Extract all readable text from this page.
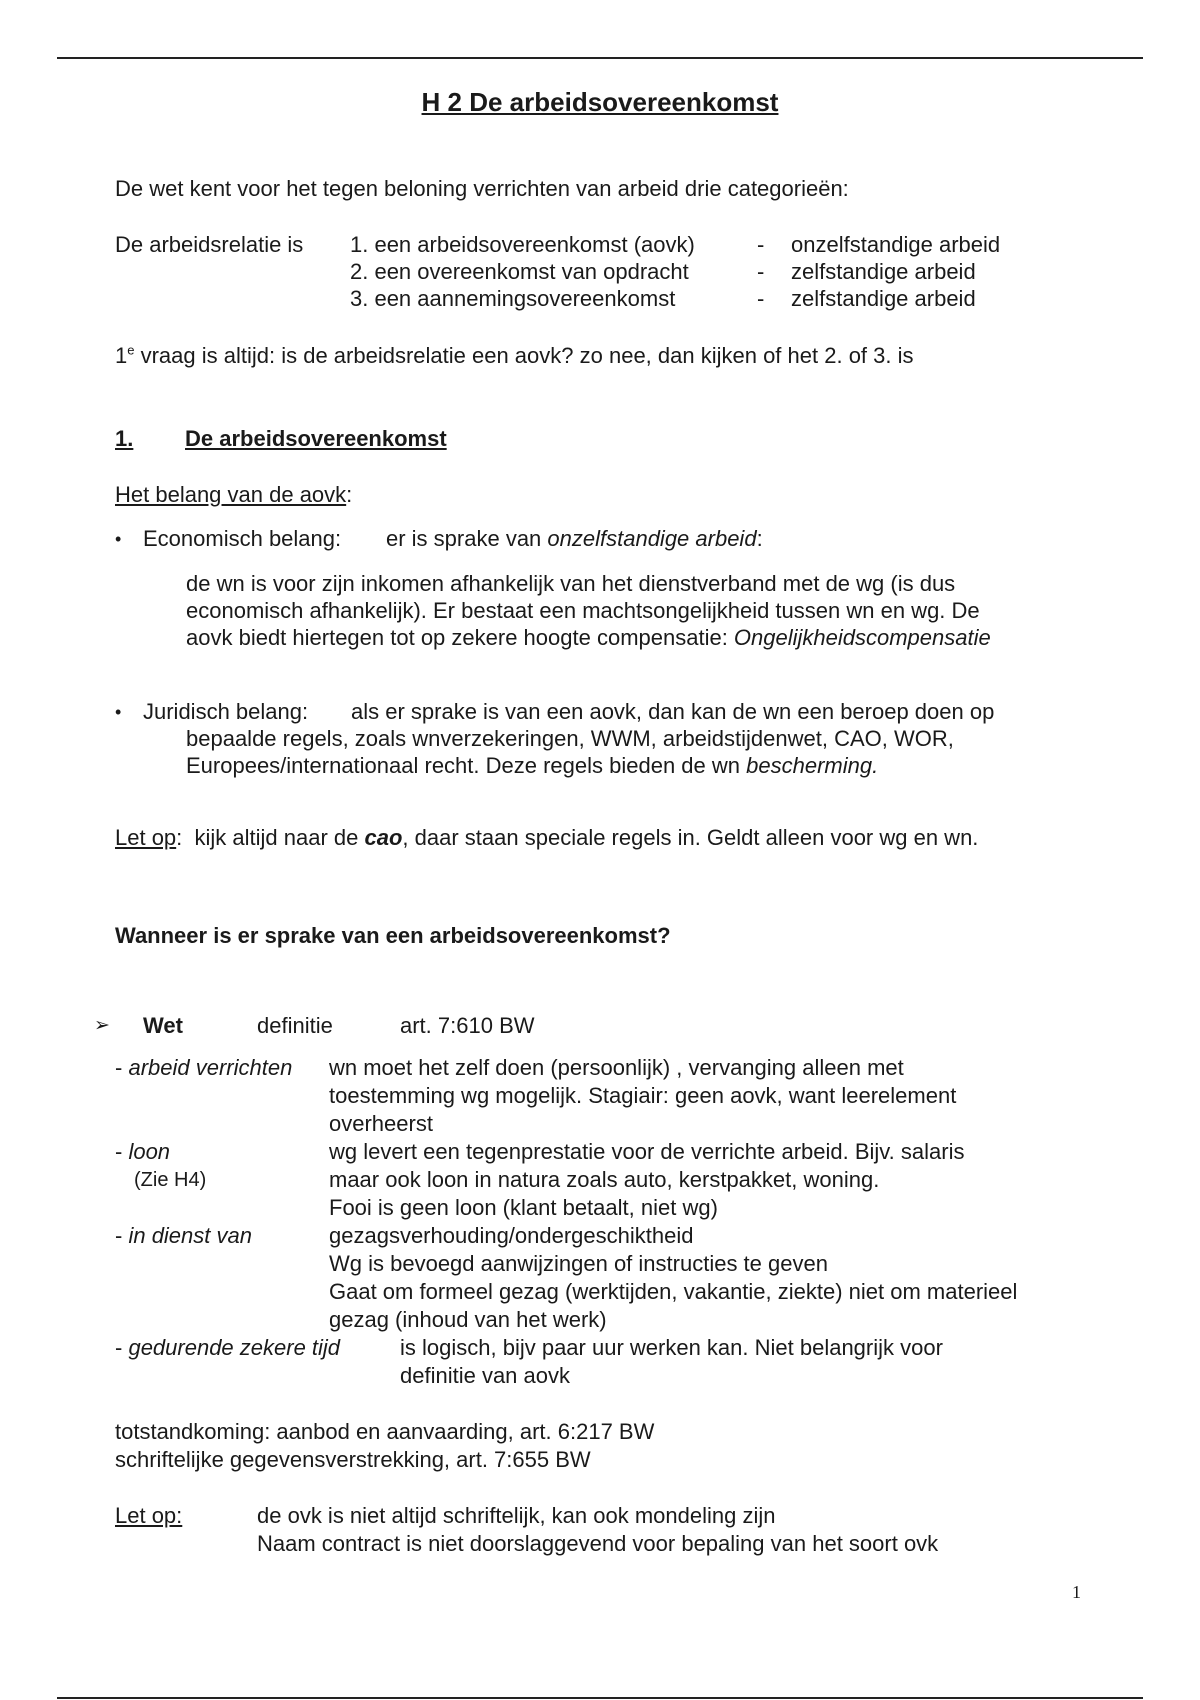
H 2 De arbeidsovereenkomst
De wet kent voor het tegen beloning verrichten van arbeid drie categorieën:
De arbeidsrelatie is 1. een arbeidsovereenkomst (aovk)	- onzelfstandige arbeid
2. een overeenkomst van opdracht	- zelfstandige arbeid
3. een aannemingsovereenkomst	- zelfstandige arbeid
1e vraag is altijd: is de arbeidsrelatie een aovk? zo nee, dan kijken of het 2. of 3. is
1. De arbeidsovereenkomst
Het belang van de aovk:
• Economisch belang: er is sprake van onzelfstandige arbeid:
de wn is voor zijn inkomen afhankelijk van het dienstverband met de wg (is dus
economisch afhankelijk). Er bestaat een machtsongelijkheid tussen wn en wg. De
aovk biedt hiertegen tot op zekere hoogte compensatie: Ongelijkheidscompensatie
• Juridisch belang: als er sprake is van een aovk, dan kan de wn een beroep doen op
bepaalde regels, zoals wnverzekeringen, WWM, arbeidstijdenwet, CAO, WOR,
Europees/internationaal recht. Deze regels bieden de wn bescherming.
Let op:  kijk altijd naar de cao, daar staan speciale regels in. Geldt alleen voor wg en wn.
Wanneer is er sprake van een arbeidsovereenkomst?
➢ Wet	definitie	art. 7:610 BW
- arbeid verrichten wn moet het zelf doen (persoonlijk) , vervanging alleen met
toestemming wg mogelijk. Stagiair: geen aovk, want leerelement
overheerst
- loon
(Zie H4)
wg levert een tegenprestatie voor de verrichte arbeid. Bijv. salaris
maar ook loon in natura zoals auto, kerstpakket, woning.
Fooi is geen loon (klant betaalt, niet wg)
- in dienst van	gezagsverhouding/ondergeschiktheid
Wg is bevoegd aanwijzingen of instructies te geven
Gaat om formeel gezag (werktijden, vakantie, ziekte) niet om materieel
gezag (inhoud van het werk)
- gedurende zekere tijd	is logisch, bijv paar uur werken kan. Niet belangrijk voor
definitie van aovk
totstandkoming: aanbod en aanvaarding, art. 6:217 BW
schriftelijke gegevensverstrekking, art. 7:655 BW
Let op:	de ovk is niet altijd schriftelijk, kan ook mondeling zijn
Naam contract is niet doorslaggevend voor bepaling van het soort ovk
1
